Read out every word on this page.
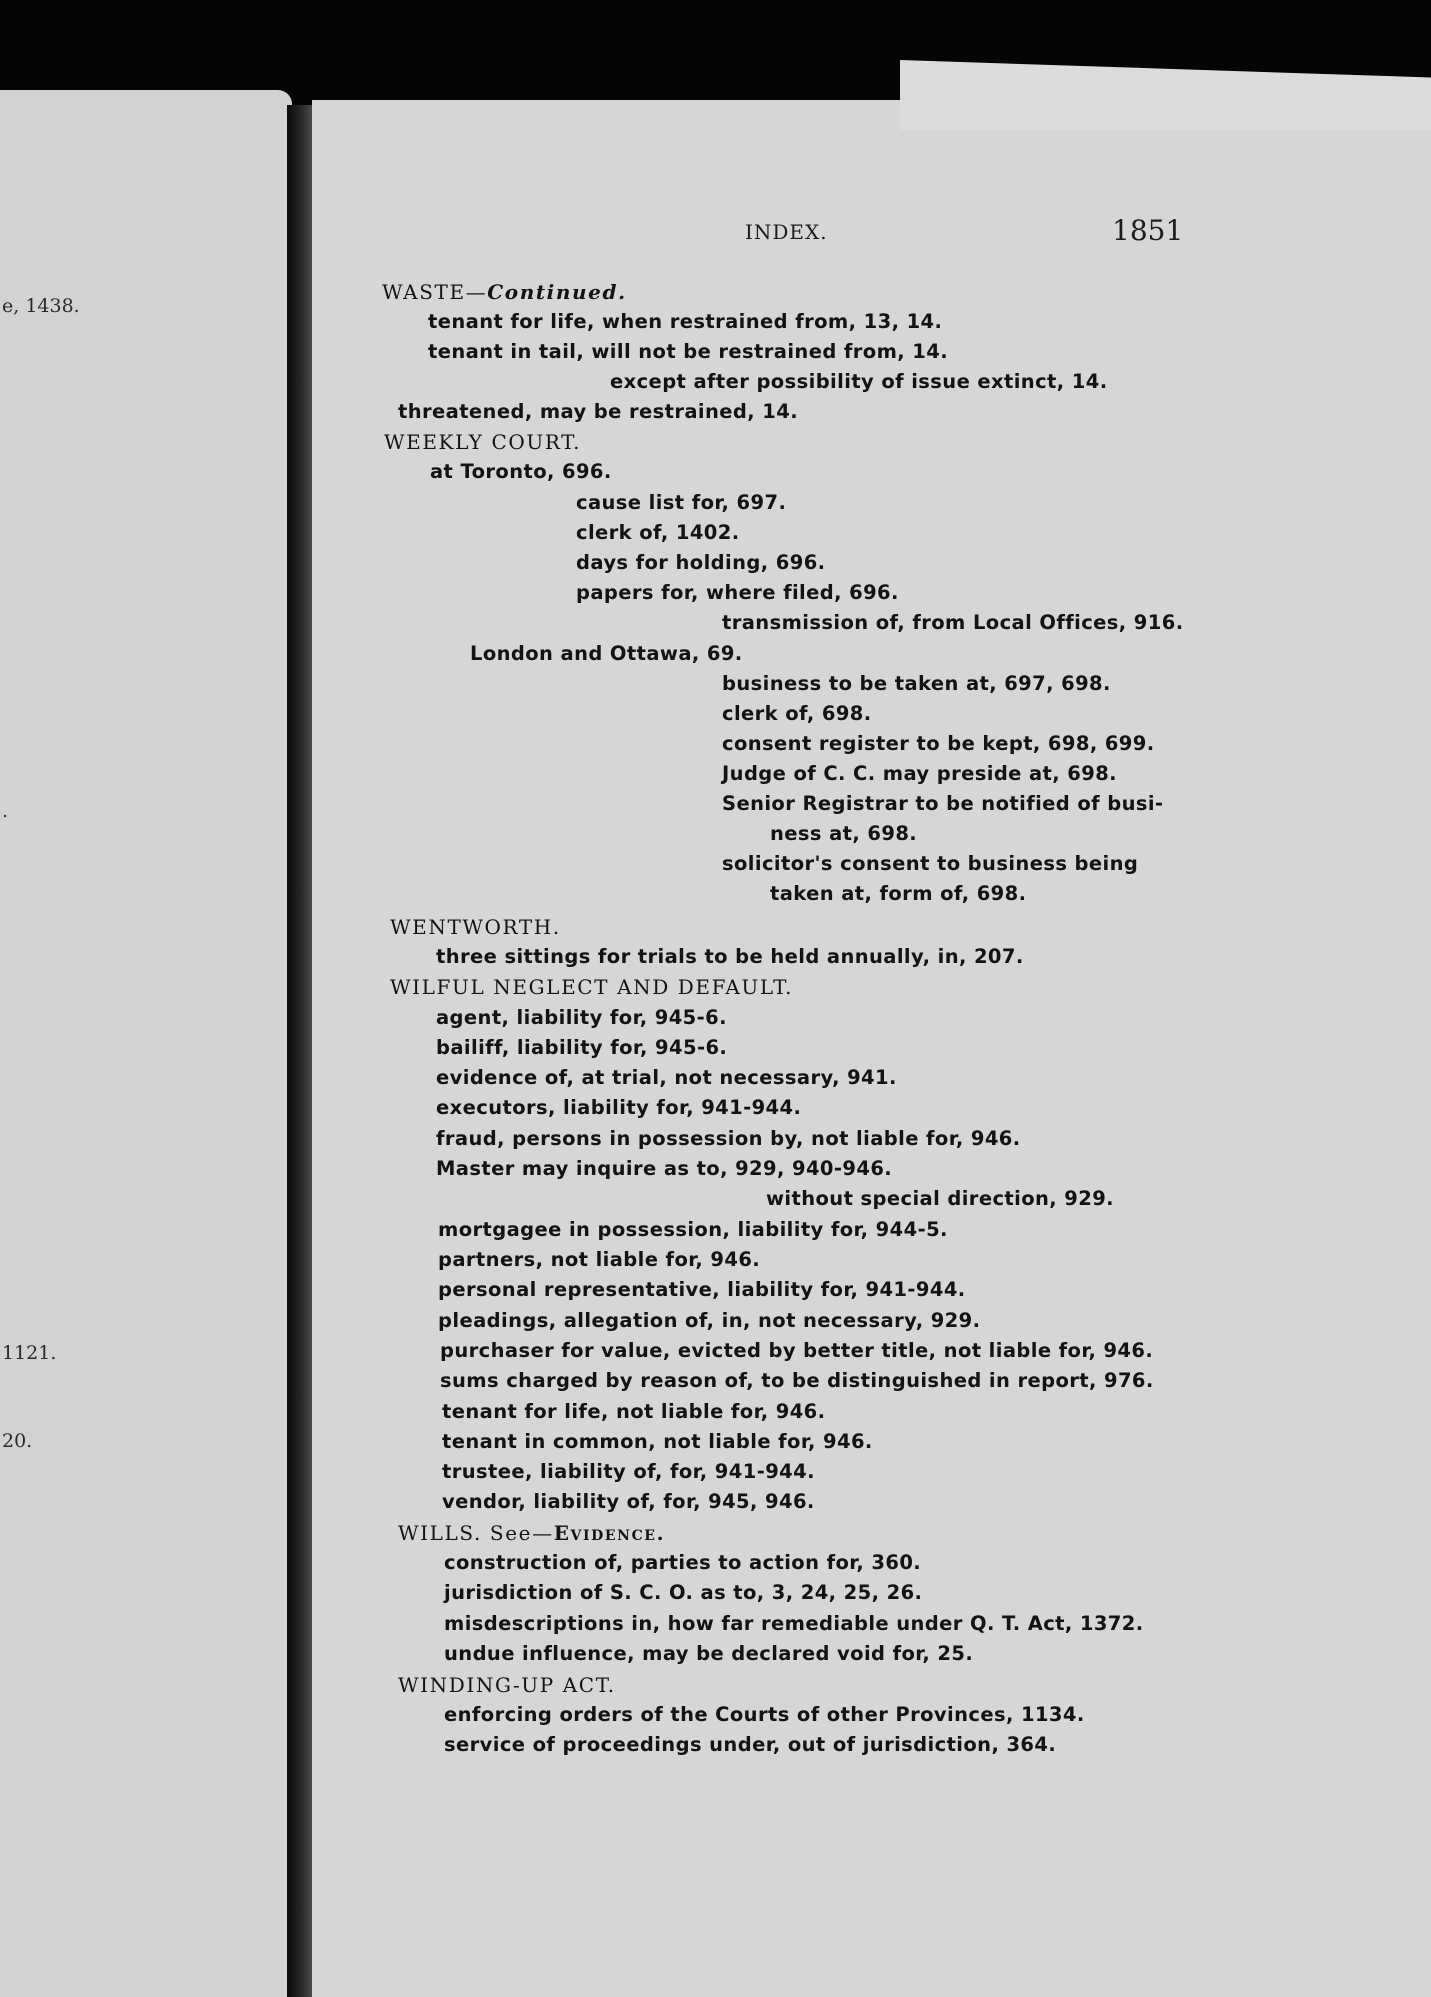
e, 1438.
.
1121.
20.
INDEX.	1851
WASTE—Continued.
tenant for life, when restrained from, 13, 14.
tenant in tail, will not be restrained from, 14.
except after possibility of issue extinct, 14.
threatened, may be restrained, 14.
WEEKLY COURT.
at Toronto, 696.
cause list for, 697.
clerk of, 1402.
days for holding, 696.
papers for, where filed, 696.
transmission of, from Local Offices, 916.
London and Ottawa, 69.
business to be taken at, 697, 698.
clerk of, 698.
consent register to be kept, 698, 699.
Judge of C. C. may preside at, 698.
Senior Registrar to be notified of busi-
ness at, 698.
solicitor's consent to business being
taken at, form of, 698.
WENTWORTH.
three sittings for trials to be held annually, in, 207.
WILFUL NEGLECT AND DEFAULT.
agent, liability for, 945-6.
bailiff, liability for, 945-6.
evidence of, at trial, not necessary, 941.
executors, liability for, 941-944.
fraud, persons in possession by, not liable for, 946.
Master may inquire as to, 929, 940-946.
without special direction, 929.
mortgagee in possession, liability for, 944-5.
partners, not liable for, 946.
personal representative, liability for, 941-944.
pleadings, allegation of, in, not necessary, 929.
purchaser for value, evicted by better title, not liable for, 946.
sums charged by reason of, to be distinguished in report, 976.
tenant for life, not liable for, 946.
tenant in common, not liable for, 946.
trustee, liability of, for, 941-944.
vendor, liability of, for, 945, 946.
WILLS. See—Evidence.
construction of, parties to action for, 360.
jurisdiction of S. C. O. as to, 3, 24, 25, 26.
misdescriptions in, how far remediable under Q. T. Act, 1372.
undue influence, may be declared void for, 25.
WINDING-UP ACT.
enforcing orders of the Courts of other Provinces, 1134.
service of proceedings under, out of jurisdiction, 364.
